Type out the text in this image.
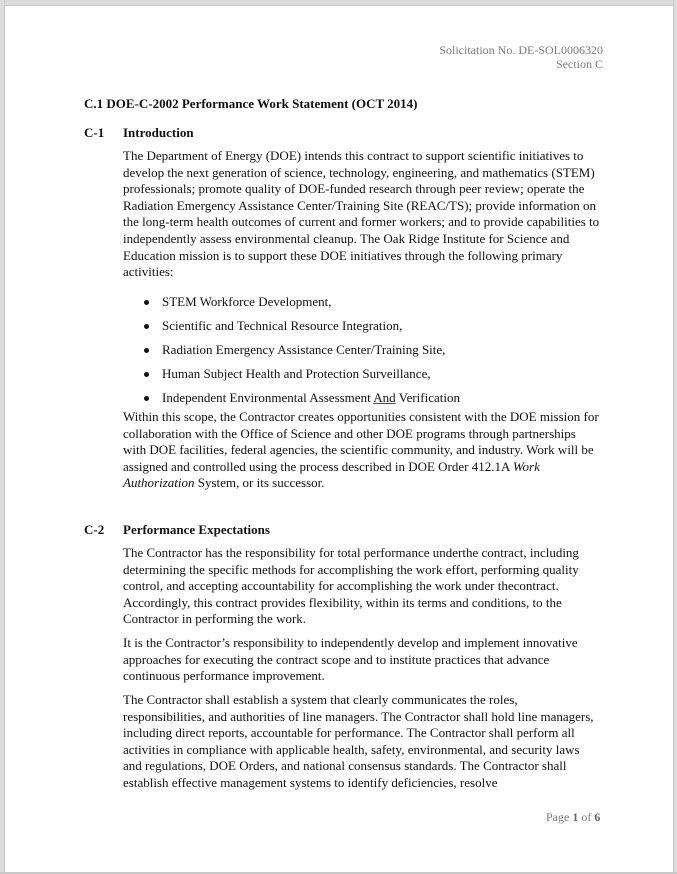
Solicitation No. DE-SOL0006320
Section C
C.1 DOE-C-2002 Performance Work Statement (OCT 2014)
C-1 Introduction

The Department of Energy (DOE) intends this contract to support scientific initiatives to develop the next generation of science, technology, engineering, and mathematics (STEM) professionals; promote quality of DOE-funded research through peer review; operate the Radiation Emergency Assistance Center/Training Site (REAC/TS); provide information on the long-term health outcomes of current and former workers; and to provide capabilities to independently assess environmental cleanup. The Oak Ridge Institute for Science and Education mission is to support these DOE initiatives through the following primary activities:

STEM Workforce Development,
Scientific and Technical Resource Integration,
Radiation Emergency Assistance Center/Training Site,
Human Subject Health and Protection Surveillance,
Independent Environmental Assessment And Verification

Within this scope, the Contractor creates opportunities consistent with the DOE mission for collaboration with the Office of Science and other DOE programs through partnerships with DOE facilities, federal agencies, the scientific community, and industry. Work will be assigned and controlled using the process described in DOE Order 412.1A Work Authorization System, or its successor.

C-2 Performance Expectations

The Contractor has the responsibility for total performance underthe contract, including determining the specific methods for accomplishing the work effort, performing quality control, and accepting accountability for accomplishing the work under thecontract. Accordingly, this contract provides flexibility, within its terms and conditions, to the Contractor in performing the work.

It is the Contractor’s responsibility to independently develop and implement innovative approaches for executing the contract scope and to institute practices that advance continuous performance improvement.

The Contractor shall establish a system that clearly communicates the roles, responsibilities, and authorities of line managers. The Contractor shall hold line managers, including direct reports, accountable for performance. The Contractor shall perform all activities in compliance with applicable health, safety, environmental, and security laws and regulations, DOE Orders, and national consensus standards. The Contractor shall establish effective management systems to identify deficiencies, resolve

Page 1 of 6
